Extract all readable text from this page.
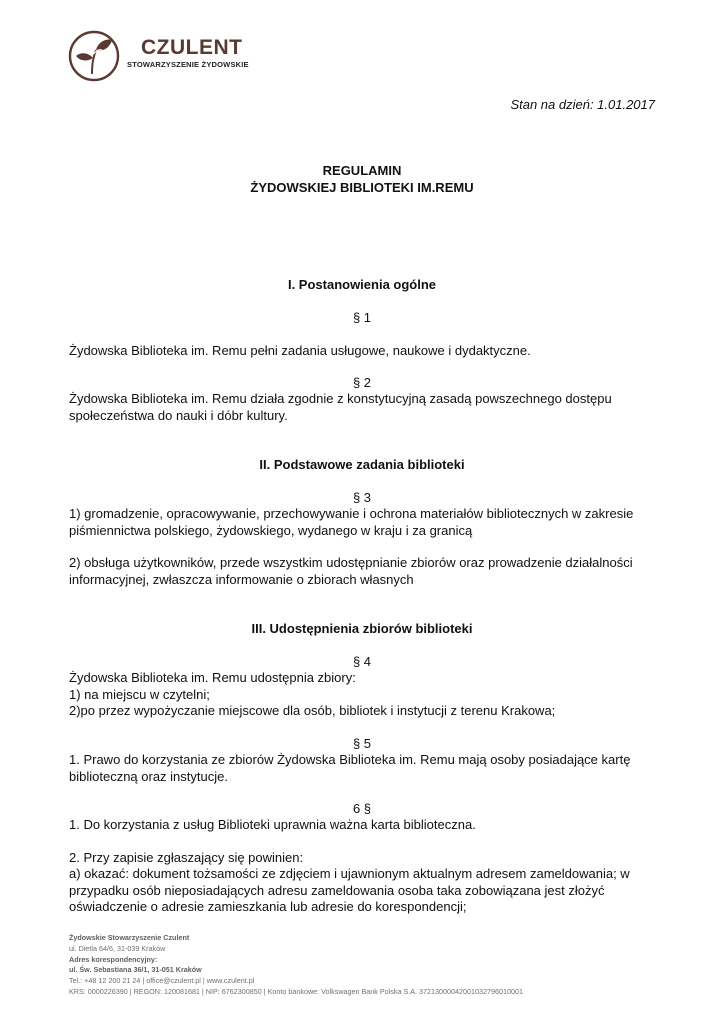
CZULENT
STOWARZYSZENIE ŻYDOWSKIE

Stan na dzień: 1.01.2017

REGULAMIN

ŻYDOWSKIEJ BIBLIOTEKI IM.REMU

I. Postanowienia ogólne

§ 1

Żydowska Biblioteka im. Remu pełni zadania usługowe, naukowe i dydaktyczne.

§ 2

Żydowska Biblioteka im. Remu działa zgodnie z konstytucyjną zasadą powszechnego dostępu społeczeństwa do nauki i dóbr kultury.

II. Podstawowe zadania biblioteki

§ 3

1) gromadzenie, opracowywanie, przechowywanie i ochrona materiałów bibliotecznych w zakresie piśmiennictwa polskiego, żydowskiego, wydanego w kraju i za granicą

2) obsługa użytkowników, przede wszystkim udostępnianie zbiorów oraz prowadzenie działalności informacyjnej, zwłaszcza informowanie o zbiorach własnych

III. Udostępnienia zbiorów biblioteki

§ 4

Żydowska Biblioteka im. Remu udostępnia zbiory:

1) na miejscu w czytelni;

2)po przez wypożyczanie miejscowe dla osób, bibliotek i instytucji z terenu Krakowa;

§ 5

1. Prawo do korzystania ze zbiorów Żydowska Biblioteka im. Remu mają osoby posiadające kartę biblioteczną oraz instytucje.

6 §

1. Do korzystania z usług Biblioteki uprawnia ważna karta biblioteczna.

2. Przy zapisie zgłaszający się powinien:

a) okazać: dokument tożsamości ze zdjęciem i ujawnionym aktualnym adresem zameldowania; w przypadku osób nieposiadających adresu zameldowania osoba taka zobowiązana jest złożyć oświadczenie o adresie zamieszkania lub adresie do korespondencji;

Żydowskie Stowarzyszenie Czulent
ul. Dietla 64/6, 31-039 Kraków
Adres korespondencyjny:
ul. Św. Sebastiana 36/1, 31-051 Kraków
Tel.: +48 12 200 21 24 | office@czulent.pl | www.czulent.pl
KRS: 0000226390 | REGON: 120081681 | NIP: 6762300850 | Konto bankowe: Volkswagen Bank Polska S.A. 37213000042001032796010001
